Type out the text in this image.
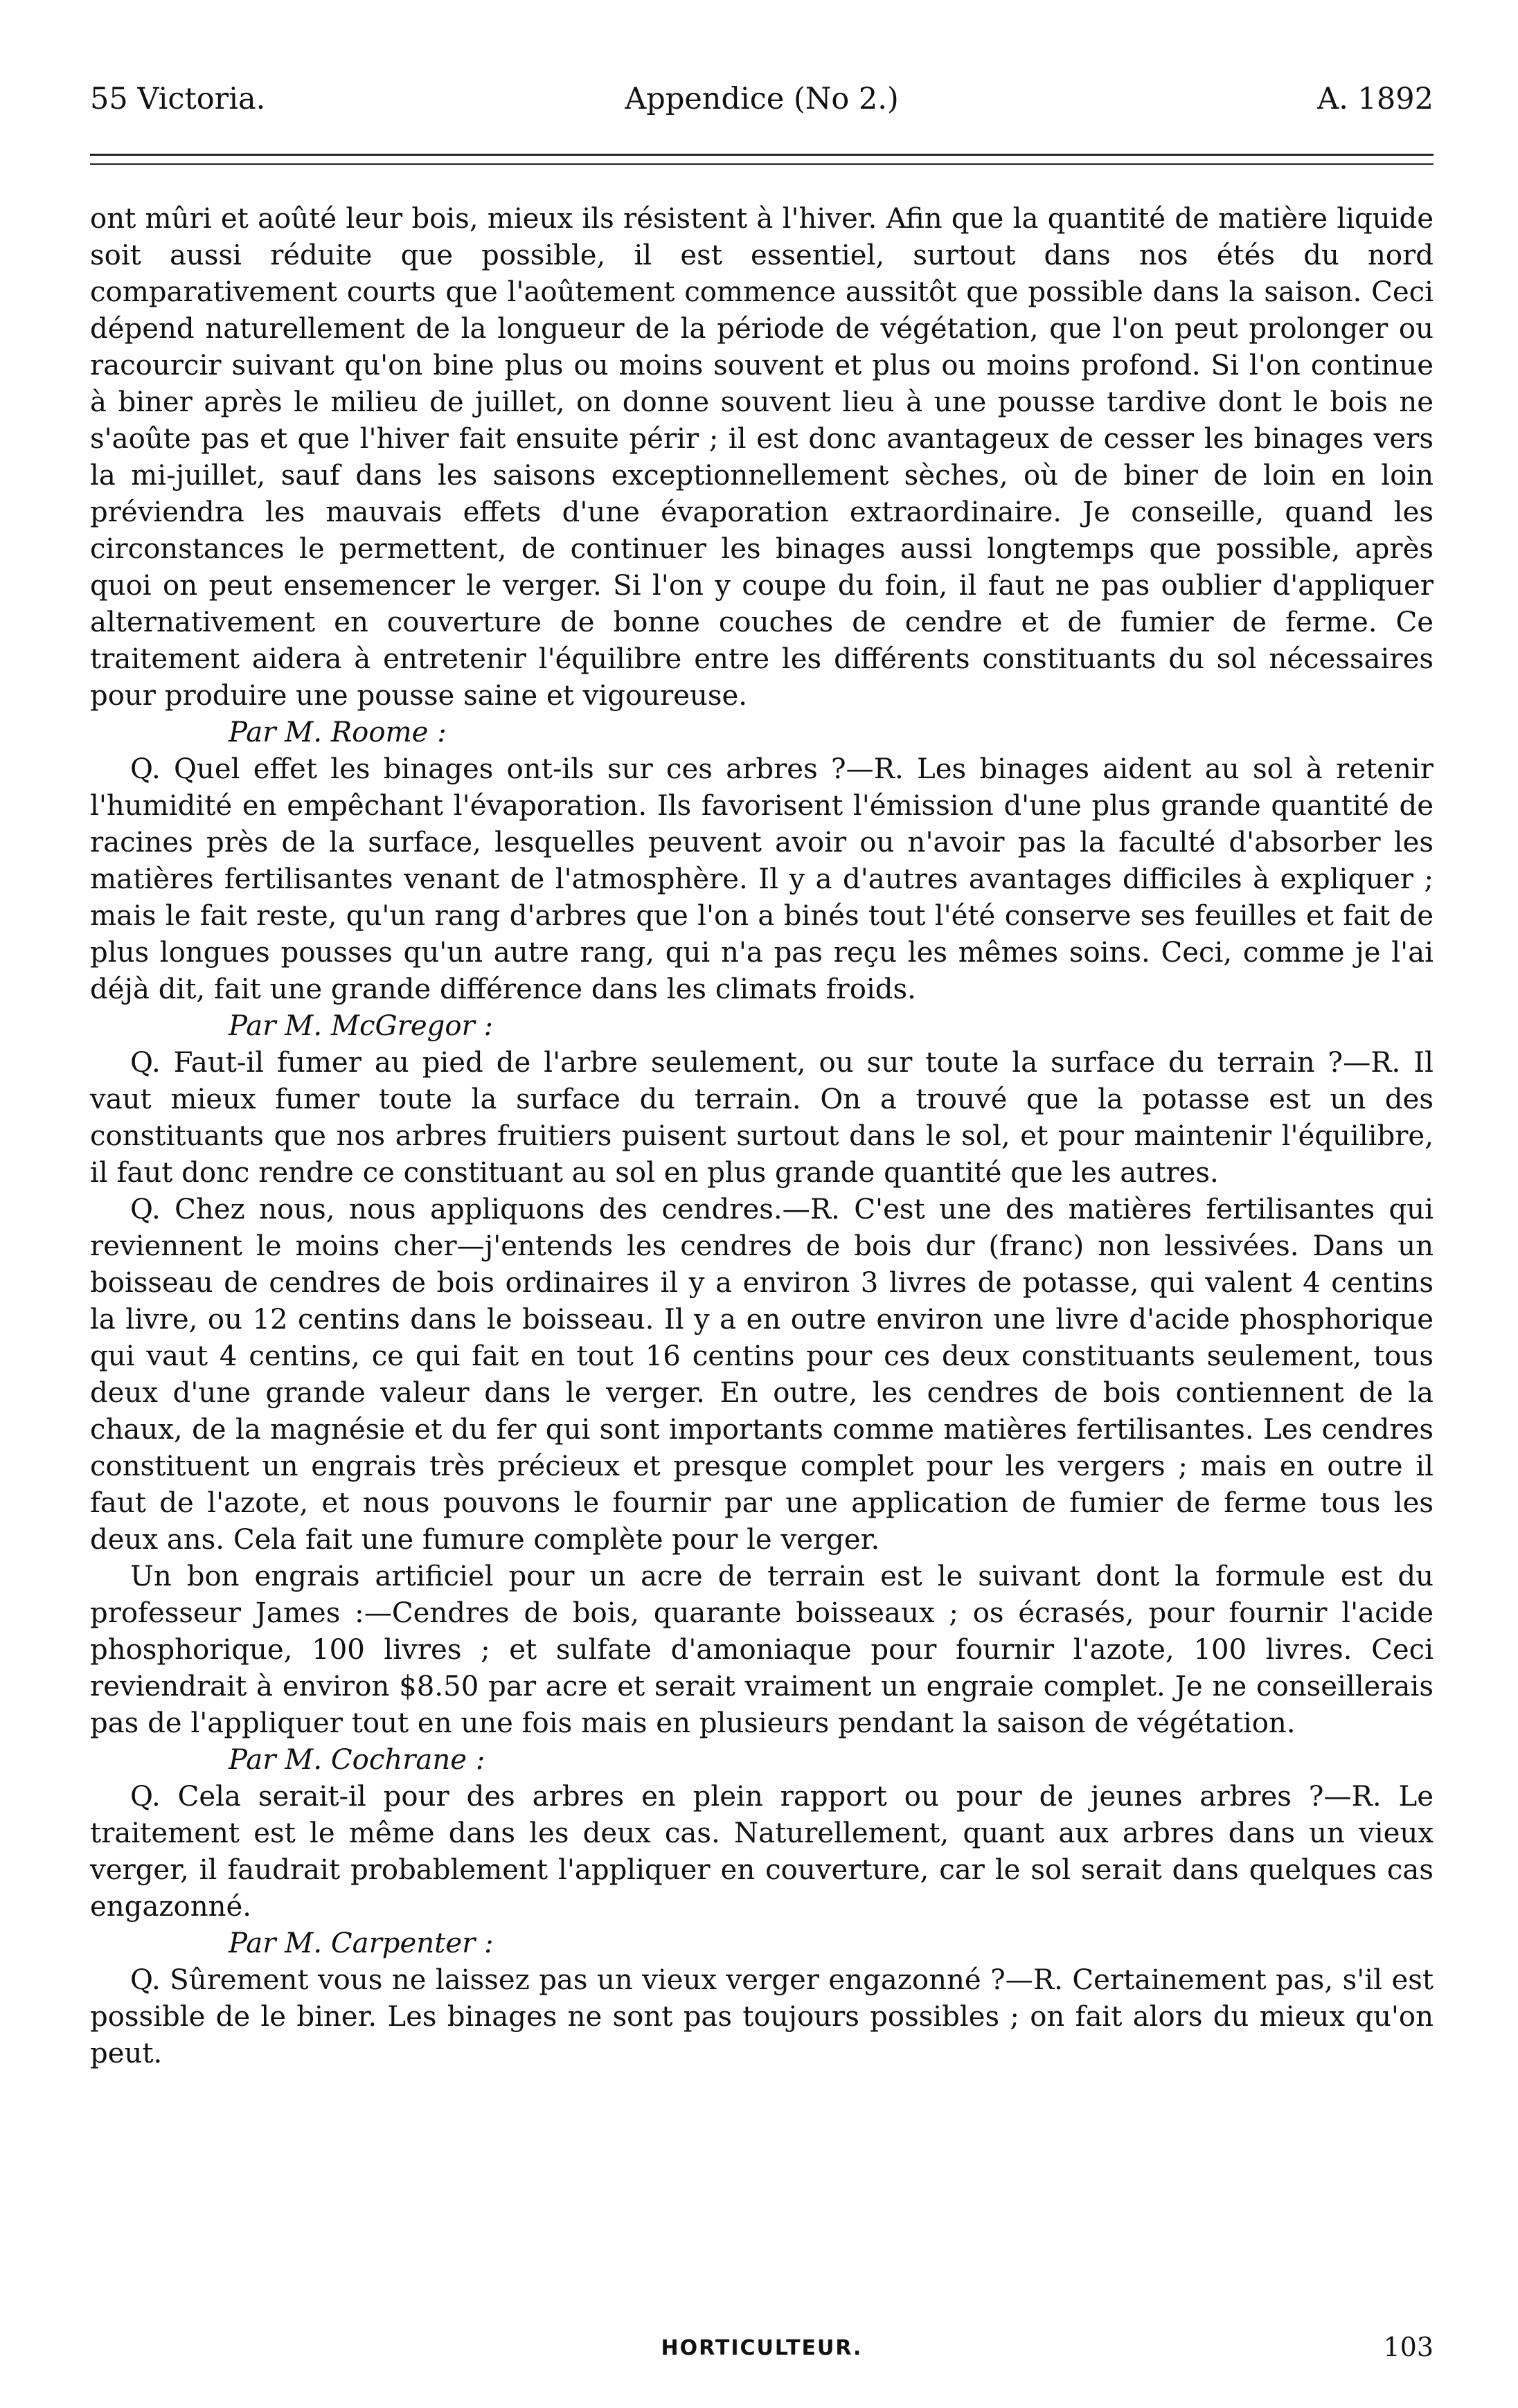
55 Victoria.	Appendice (No 2.)	A. 1892

ont mûri et aoûté leur bois, mieux ils résistent à l'hiver. Afin que la quantité de matière liquide soit aussi réduite que possible, il est essentiel, surtout dans nos étés du nord comparativement courts que l'aoûtement commence aussitôt que possible dans la saison. Ceci dépend naturellement de la longueur de la période de végétation, que l'on peut prolonger ou racourcir suivant qu'on bine plus ou moins souvent et plus ou moins profond. Si l'on continue à biner après le milieu de juillet, on donne souvent lieu à une pousse tardive dont le bois ne s'aoûte pas et que l'hiver fait ensuite périr ; il est donc avantageux de cesser les binages vers la mi-juillet, sauf dans les saisons exceptionnellement sèches, où de biner de loin en loin préviendra les mauvais effets d'une évaporation extraordinaire. Je conseille, quand les circonstances le permettent, de continuer les binages aussi longtemps que possible, après quoi on peut ensemencer le verger. Si l'on y coupe du foin, il faut ne pas oublier d'appliquer alternativement en couverture de bonne couches de cendre et de fumier de ferme. Ce traitement aidera à entretenir l'équilibre entre les différents constituants du sol nécessaires pour produire une pousse saine et vigoureuse.

Par M. Roome :

Q. Quel effet les binages ont-ils sur ces arbres ?—R. Les binages aident au sol à retenir l'humidité en empêchant l'évaporation. Ils favorisent l'émission d'une plus grande quantité de racines près de la surface, lesquelles peuvent avoir ou n'avoir pas la faculté d'absorber les matières fertilisantes venant de l'atmosphère. Il y a d'autres avantages difficiles à expliquer ; mais le fait reste, qu'un rang d'arbres que l'on a binés tout l'été conserve ses feuilles et fait de plus longues pousses qu'un autre rang, qui n'a pas reçu les mêmes soins. Ceci, comme je l'ai déjà dit, fait une grande différence dans les climats froids.

Par M. McGregor :

Q. Faut-il fumer au pied de l'arbre seulement, ou sur toute la surface du terrain ?—R. Il vaut mieux fumer toute la surface du terrain. On a trouvé que la potasse est un des constituants que nos arbres fruitiers puisent surtout dans le sol, et pour maintenir l'équilibre, il faut donc rendre ce constituant au sol en plus grande quantité que les autres.

Q. Chez nous, nous appliquons des cendres.—R. C'est une des matières fertilisantes qui reviennent le moins cher—j'entends les cendres de bois dur (franc) non lessivées. Dans un boisseau de cendres de bois ordinaires il y a environ 3 livres de potasse, qui valent 4 centins la livre, ou 12 centins dans le boisseau. Il y a en outre environ une livre d'acide phosphorique qui vaut 4 centins, ce qui fait en tout 16 centins pour ces deux constituants seulement, tous deux d'une grande valeur dans le verger. En outre, les cendres de bois contiennent de la chaux, de la magnésie et du fer qui sont importants comme matières fertilisantes. Les cendres constituent un engrais très précieux et presque complet pour les vergers ; mais en outre il faut de l'azote, et nous pouvons le fournir par une application de fumier de ferme tous les deux ans. Cela fait une fumure complète pour le verger.

Un bon engrais artificiel pour un acre de terrain est le suivant dont la formule est du professeur James :—Cendres de bois, quarante boisseaux ; os écrasés, pour fournir l'acide phosphorique, 100 livres ; et sulfate d'amoniaque pour fournir l'azote, 100 livres. Ceci reviendrait à environ $8.50 par acre et serait vraiment un engraie complet. Je ne conseillerais pas de l'appliquer tout en une fois mais en plusieurs pendant la saison de végétation.

Par M. Cochrane :

Q. Cela serait-il pour des arbres en plein rapport ou pour de jeunes arbres ?—R. Le traitement est le même dans les deux cas. Naturellement, quant aux arbres dans un vieux verger, il faudrait probablement l'appliquer en couverture, car le sol serait dans quelques cas engazonné.

Par M. Carpenter :

Q. Sûrement vous ne laissez pas un vieux verger engazonné ?—R. Certainement pas, s'il est possible de le biner. Les binages ne sont pas toujours possibles ; on fait alors du mieux qu'on peut.

HORTICULTEUR.	103
